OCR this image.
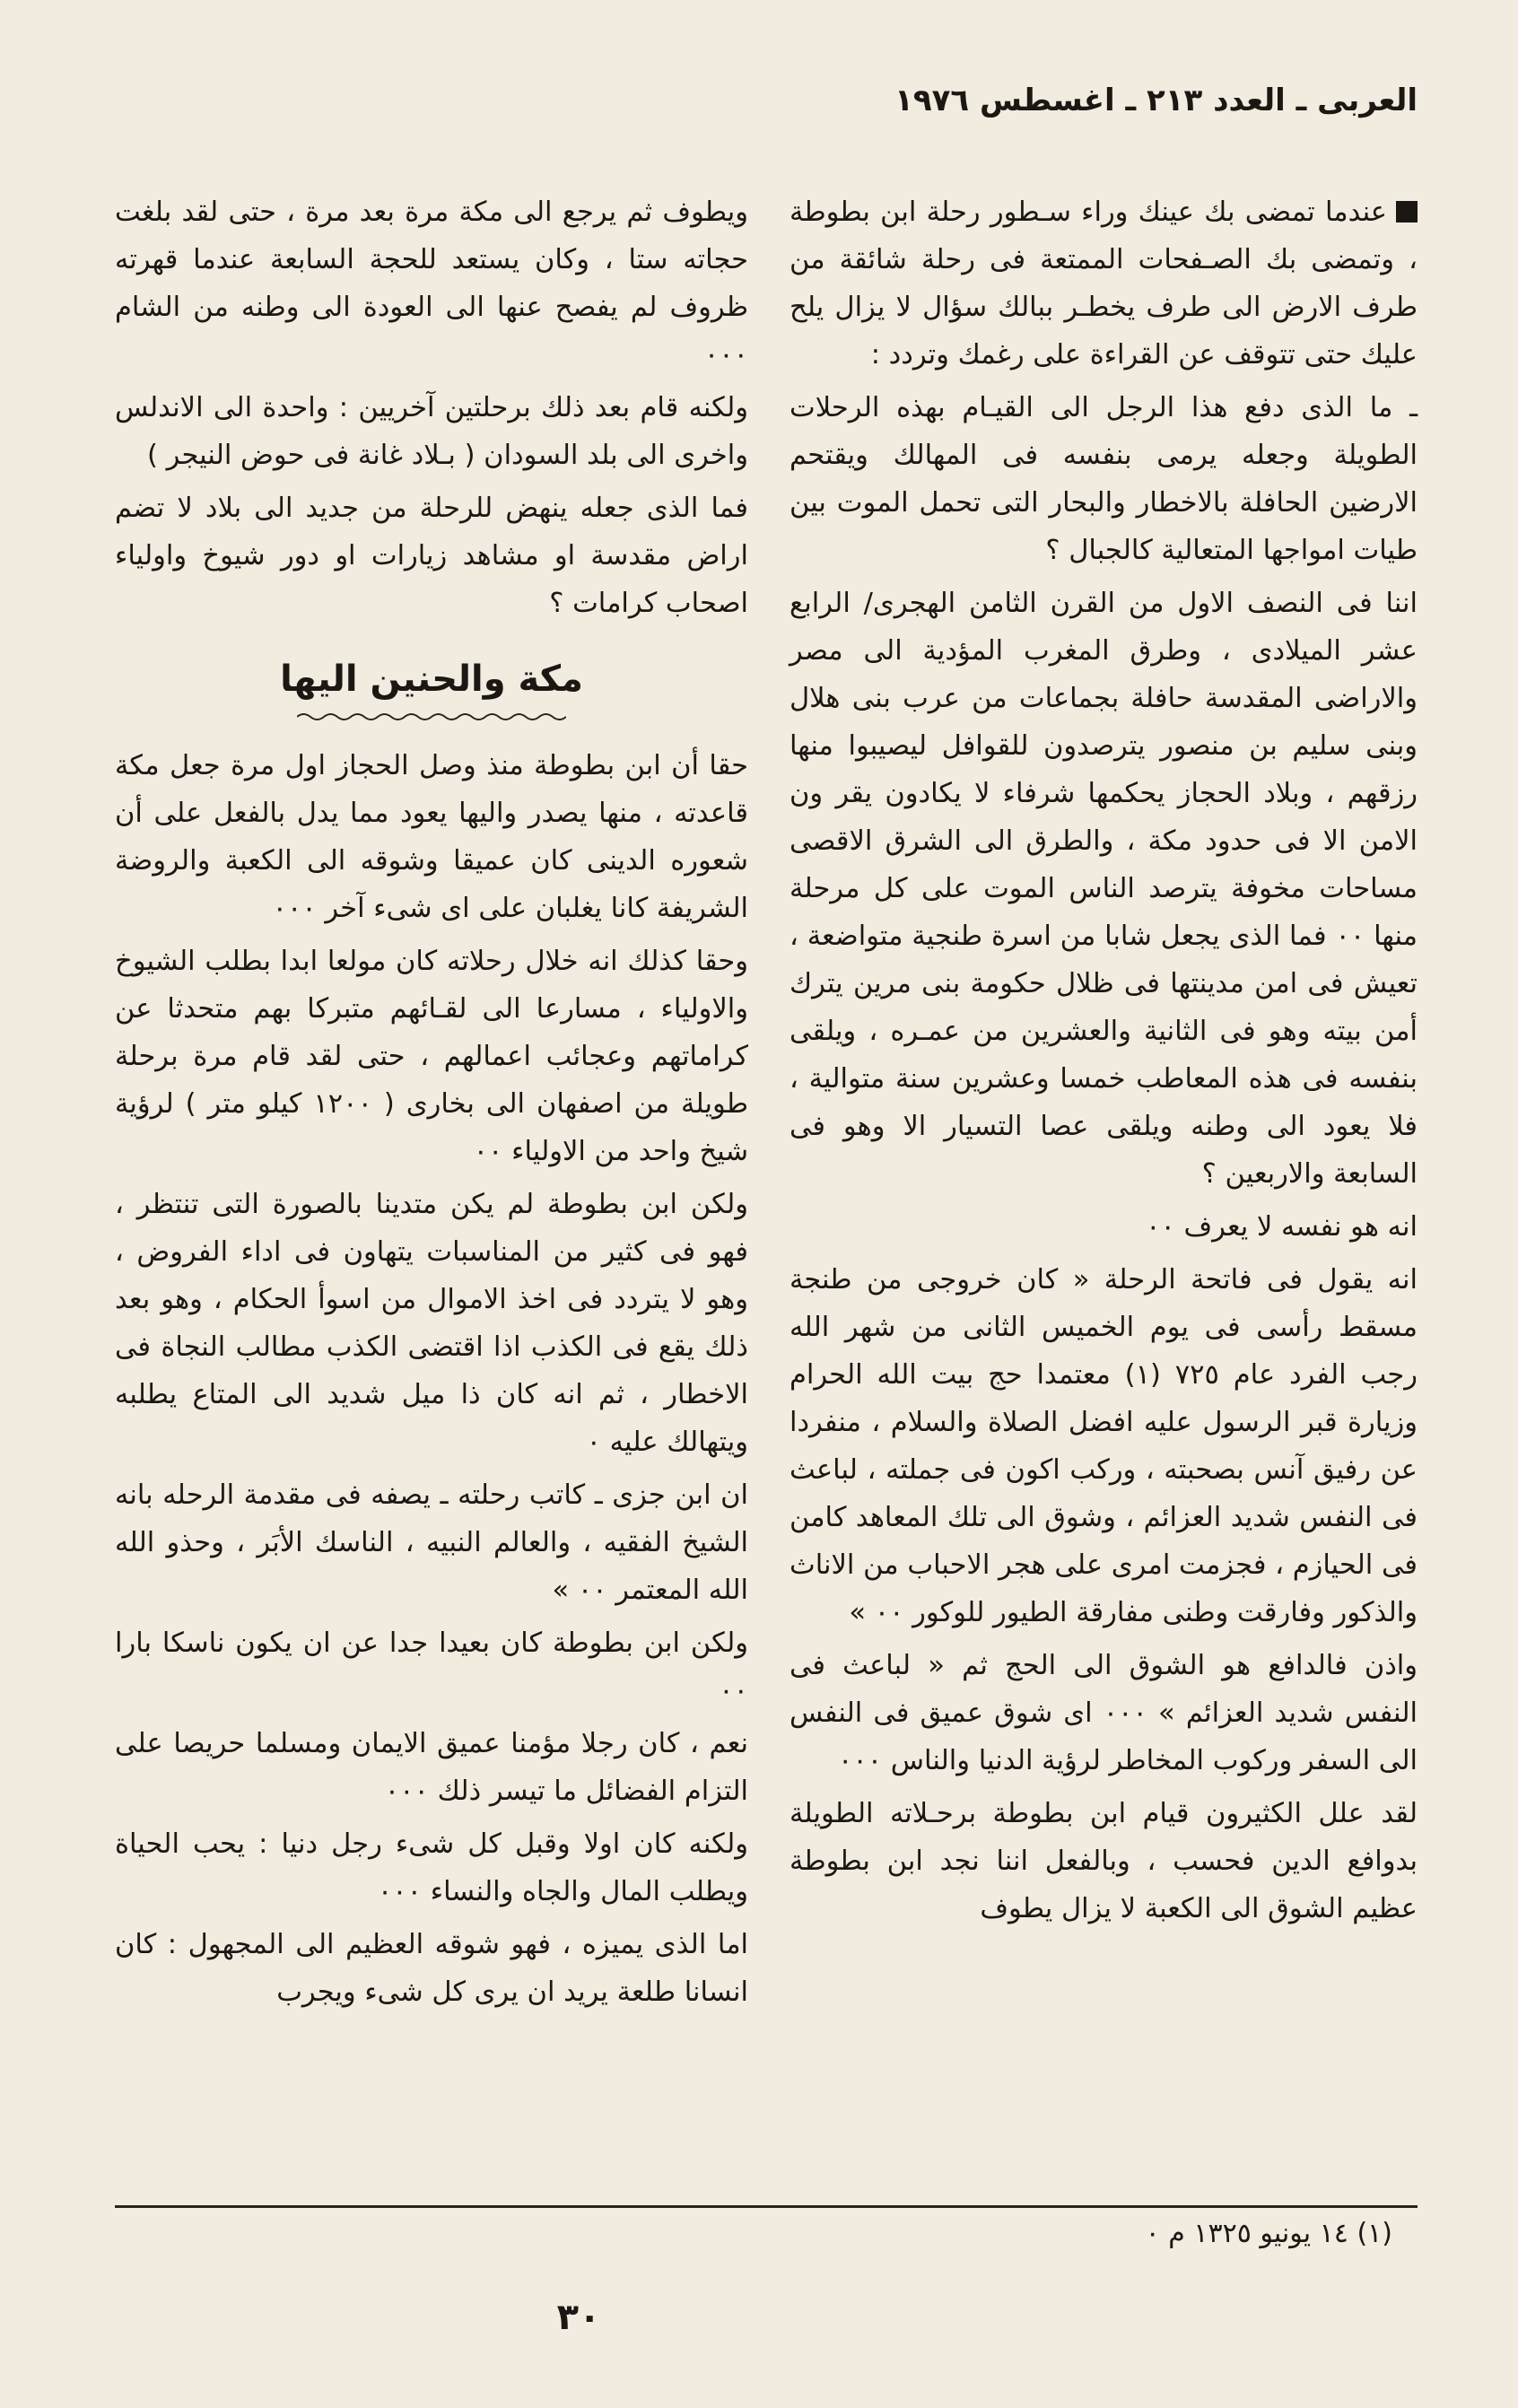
العربى ـ العدد ٢١٣ ـ اغسطس ١٩٧٦

عندما تمضى بك عينك وراء سـطور رحلة ابن بطوطة ، وتمضى بك الصـفحات الممتعة فى رحلة شائقة من طرف الارض الى طرف يخطـر ببالك سؤال لا يزال يلح عليك حتى تتوقف عن القراءة على رغمك وتردد :

ـ ما الذى دفع هذا الرجل الى القيـام بهذه الرحلات الطويلة وجعله يرمى بنفسه فى المهالك ويقتحم الارضين الحافلة بالاخطار والبحار التى تحمل الموت بين طيات امواجها المتعالية كالجبال ؟

اننا فى النصف الاول من القرن الثامن الهجرى/ الرابع عشر الميلادى ، وطرق المغرب المؤدية الى مصر والاراضى المقدسة حافلة بجماعات من عرب بنى هلال وبنى سليم بن منصور يترصدون للقوافل ليصيبوا منها رزقهم ، وبلاد الحجاز يحكمها شرفاء لا يكادون يقر ون الامن الا فى حدود مكة ، والطرق الى الشرق الاقصى مساحات مخوفة يترصد الناس الموت على كل مرحلة منها ٠٠ فما الذى يجعل شابا من اسرة طنجية متواضعة ، تعيش فى امن مدينتها فى ظلال حكومة بنى مرين يترك أمن بيته وهو فى الثانية والعشرين من عمـره ، ويلقى بنفسه فى هذه المعاطب خمسا وعشرين سنة متوالية ، فلا يعود الى وطنه ويلقى عصا التسيار الا وهو فى السابعة والاربعين ؟

انه هو نفسه لا يعرف ٠٠

انه يقول فى فاتحة الرحلة « كان خروجى من طنجة مسقط رأسى فى يوم الخميس الثانى من شهر الله رجب الفرد عام ٧٢٥ (١) معتمدا حج بيت الله الحرام وزيارة قبر الرسول عليه افضل الصلاة والسلام ، منفردا عن رفيق آنس بصحبته ، وركب اكون فى جملته ، لباعث فى النفس شديد العزائم ، وشوق الى تلك المعاهد كامن فى الحيازم ، فجزمت امرى على هجر الاحباب من الاناث والذكور وفارقت وطنى مفارقة الطيور للوكور ٠٠ »

واذن فالدافع هو الشوق الى الحج ثم « لباعث فى النفس شديد العزائم » ٠٠٠ اى شوق عميق فى النفس الى السفر وركوب المخاطر لرؤية الدنيا والناس ٠٠٠

لقد علل الكثيرون قيام ابن بطوطة برحـلاته الطويلة بدوافع الدين فحسب ، وبالفعل اننا نجد ابن بطوطة عظيم الشوق الى الكعبة لا يزال يطوف

ويطوف ثم يرجع الى مكة مرة بعد مرة ، حتى لقد بلغت حجاته ستا ، وكان يستعد للحجة السابعة عندما قهرته ظروف لم يفصح عنها الى العودة الى وطنه من الشام ٠٠٠

ولكنه قام بعد ذلك برحلتين آخريين : واحدة الى الاندلس واخرى الى بلد السودان ( بـلاد غانة فى حوض النيجر )

فما الذى جعله ينهض للرحلة من جديد الى بلاد لا تضم اراض مقدسة او مشاهد زيارات او دور شيوخ واولياء اصحاب كرامات ؟

مكة والحنين اليها

حقا أن ابن بطوطة منذ وصل الحجاز اول مرة جعل مكة قاعدته ، منها يصدر واليها يعود مما يدل بالفعل على أن شعوره الدينى كان عميقا وشوقه الى الكعبة والروضة الشريفة كانا يغلبان على اى شىء آخر ٠٠٠

وحقا كذلك انه خلال رحلاته كان مولعا ابدا بطلب الشيوخ والاولياء ، مسارعا الى لقـائهم متبركا بهم متحدثا عن كراماتهم وعجائب اعمالهم ، حتى لقد قام مرة برحلة طويلة من اصفهان الى بخارى ( ١٢٠٠ كيلو متر ) لرؤية شيخ واحد من الاولياء ٠٠

ولكن ابن بطوطة لم يكن متدينا بالصورة التى تنتظر ، فهو فى كثير من المناسبات يتهاون فى اداء الفروض ، وهو لا يتردد فى اخذ الاموال من اسوأ الحكام ، وهو بعد ذلك يقع فى الكذب اذا اقتضى الكذب مطالب النجاة فى الاخطار ، ثم انه كان ذا ميل شديد الى المتاع يطلبه ويتهالك عليه ٠

ان ابن جزى ـ كاتب رحلته ـ يصفه فى مقدمة الرحله بانه الشيخ الفقيه ، والعالم النبيه ، الناسك الأبَر ، وحذو الله الله المعتمر ٠٠ »

ولكن ابن بطوطة كان بعيدا جدا عن ان يكون ناسكا بارا ٠٠

نعم ، كان رجلا مؤمنا عميق الايمان ومسلما حريصا على التزام الفضائل ما تيسر ذلك ٠٠٠

ولكنه كان اولا وقبل كل شىء رجل دنيا : يحب الحياة ويطلب المال والجاه والنساء ٠٠٠

اما الذى يميزه ، فهو شوقه العظيم الى المجهول : كان انسانا طلعة يريد ان يرى كل شىء ويجرب

(١) ١٤ يونيو ١٣٢٥ م ٠
٣٠
